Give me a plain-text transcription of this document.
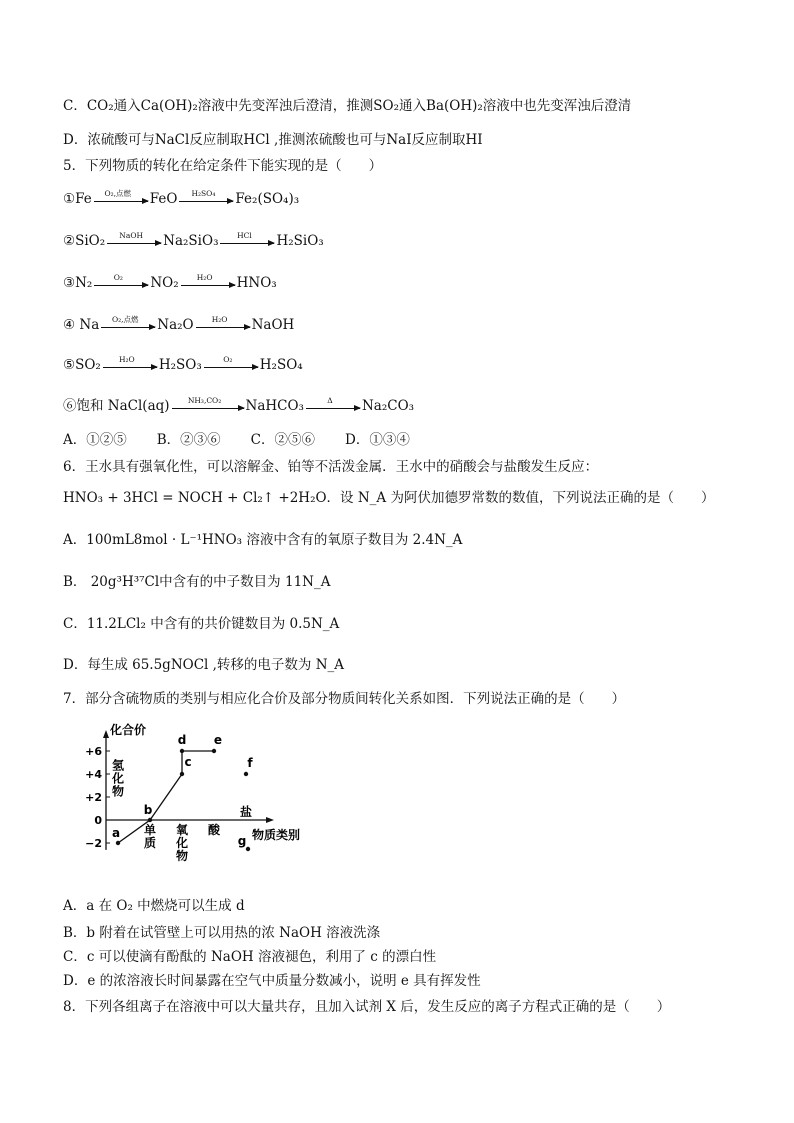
C．CO₂通入Ca(OH)₂溶液中先变浑浊后澄清，推测SO₂通入Ba(OH)₂溶液中也先变浑浊后澄清
D．浓硫酸可与NaCl反应制取HCl ,推测浓硫酸也可与NaI反应制取HI
5．下列物质的转化在给定条件下能实现的是（　　）
①Fe	O₂,点燃	FeO	H₂SO₄	Fe₂(SO₄)₃
②SiO₂	NaOH	Na₂SiO₃	HCl	H₂SiO₃
③N₂	O₂	NO₂	H₂O	HNO₃
④ Na	O₂,点燃	Na₂O	H₂O	NaOH
⑤SO₂	H₂O	H₂SO₃	O₂	H₂SO₄
⑥饱和 NaCl(aq)	NH₃,CO₂	NaHCO₃	Δ	Na₂CO₃
A．①②⑤ B．②③⑥ C．②⑤⑥ D．①③④
6．王水具有强氧化性，可以溶解金、铂等不活泼金属．王水中的硝酸会与盐酸发生反应：
HNO₃ + 3HCl = NOCH + Cl₂↑ +2H₂O．设 N_A 为阿伏加德罗常数的数值，下列说法正确的是（　　）
A．100mL8mol · L⁻¹HNO₃ 溶液中含有的氧原子数目为 2.4N_A
B． 20g³H³⁷Cl中含有的中子数目为 11N_A
C．11.2LCl₂ 中含有的共价键数目为 0.5N_A
D．每生成 65.5gNOCl ,转移的电子数为 N_A
7．部分含硫物质的类别与相应化合价及部分物质间转化关系如图．下列说法正确的是（　　）
化合价
物质类别
+6
+4
+2
0
−2
氢
化
物
单
质
氧
化
物
酸
盐
a
b
c
d e
f
g
A．a 在 O₂ 中燃烧可以生成 d
B．b 附着在试管壁上可以用热的浓 NaOH 溶液洗涤
C．c 可以使滴有酚酞的 NaOH 溶液褪色，利用了 c 的漂白性
D．e 的浓溶液长时间暴露在空气中质量分数减小，说明 e 具有挥发性
8．下列各组离子在溶液中可以大量共存，且加入试剂 X 后，发生反应的离子方程式正确的是（　　）
